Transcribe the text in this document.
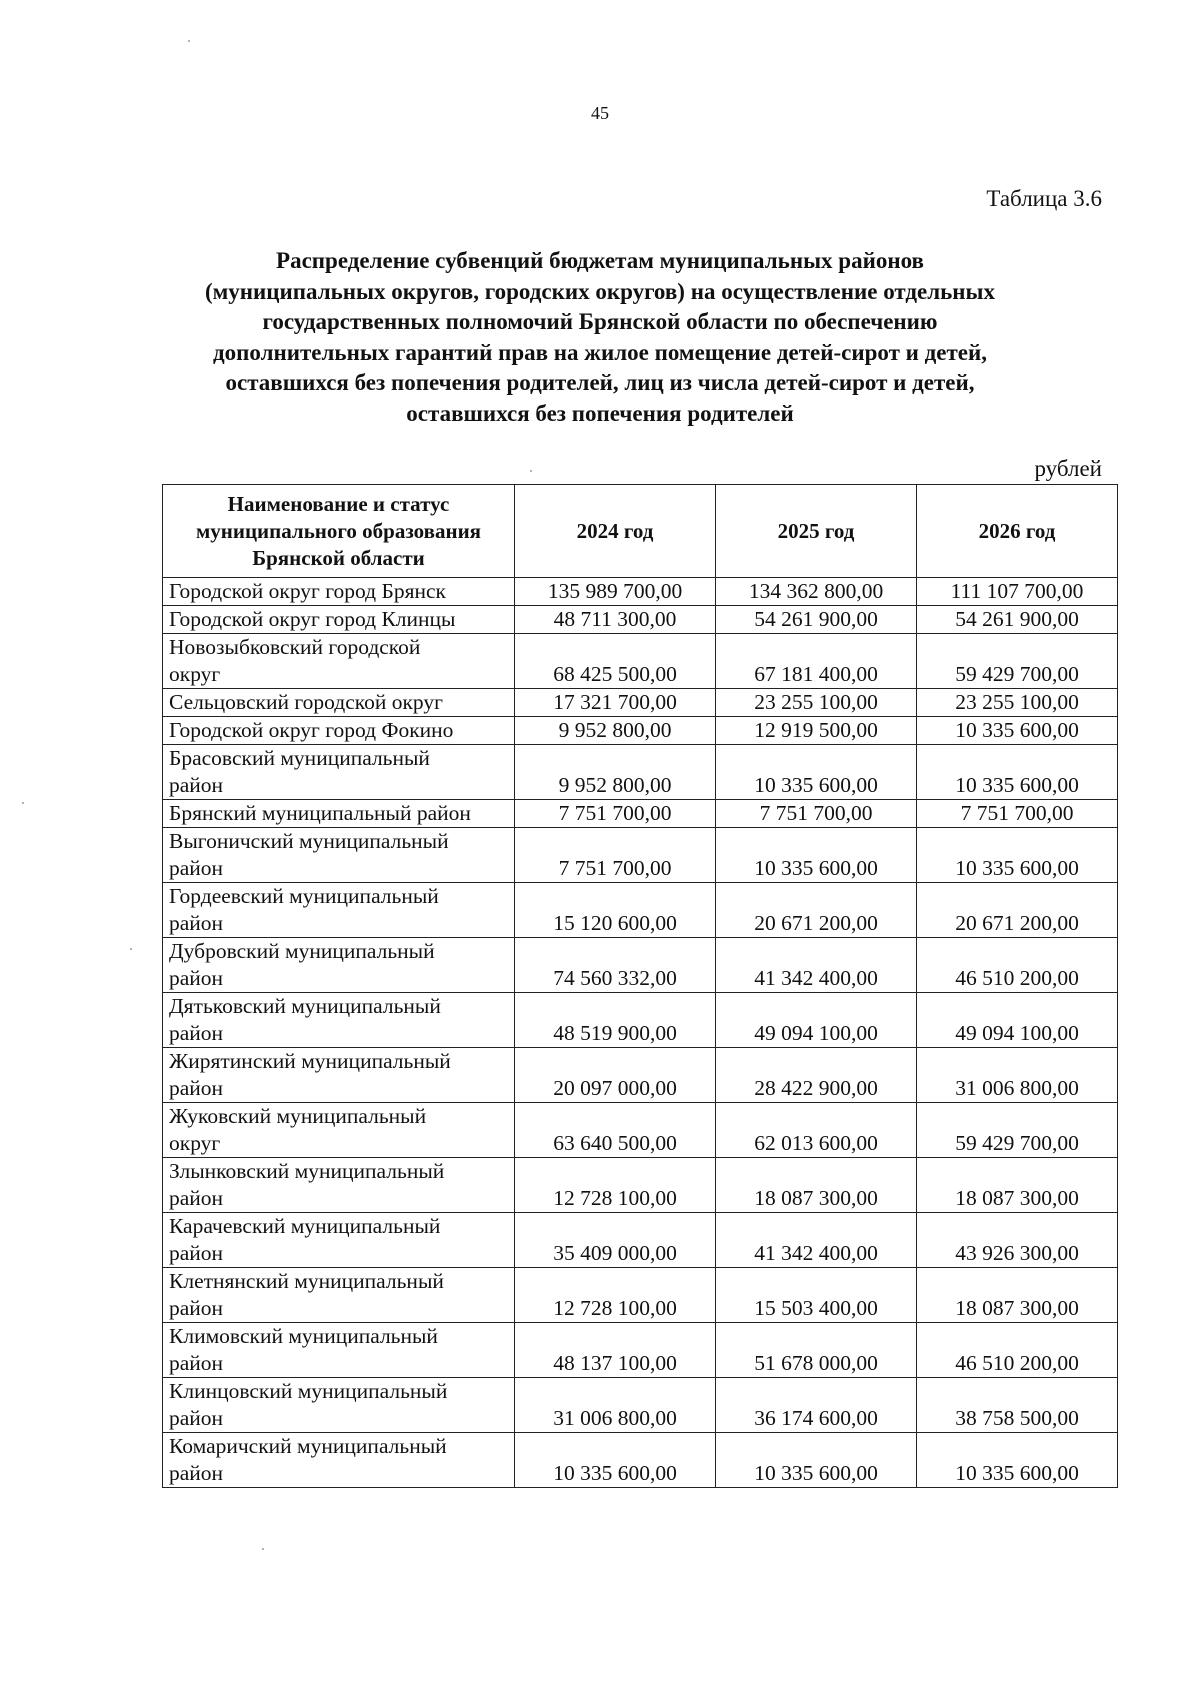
45
Таблица 3.6
Распределение субвенций бюджетам муниципальных районов
(муниципальных округов, городских округов) на осуществление отдельных
государственных полномочий Брянской области по обеспечению
дополнительных гарантий прав на жилое помещение детей-сирот и детей,
оставшихся без попечения родителей, лиц из числа детей-сирот и детей,
оставшихся без попечения родителей
рублей
Наименование и статус
муниципального образования
Брянской области	2024 год	2025 год	2026 год

Городской округ город Брянск	135 989 700,00	134 362 800,00	111 107 700,00

Городской округ город Клинцы	48 711 300,00	54 261 900,00	54 261 900,00

Новозыбковский городской
округ	68 425 500,00	67 181 400,00	59 429 700,00

Сельцовский городской округ	17 321 700,00	23 255 100,00	23 255 100,00

Городской округ город Фокино	9 952 800,00	12 919 500,00	10 335 600,00

Брасовский муниципальный
район	9 952 800,00	10 335 600,00	10 335 600,00

Брянский муниципальный район	7 751 700,00	7 751 700,00	7 751 700,00

Выгоничский муниципальный
район	7 751 700,00	10 335 600,00	10 335 600,00

Гордеевский муниципальный
район	15 120 600,00	20 671 200,00	20 671 200,00

Дубровский муниципальный
район	74 560 332,00	41 342 400,00	46 510 200,00

Дятьковский муниципальный
район	48 519 900,00	49 094 100,00	49 094 100,00

Жирятинский муниципальный
район	20 097 000,00	28 422 900,00	31 006 800,00

Жуковский муниципальный
округ	63 640 500,00	62 013 600,00	59 429 700,00

Злынковский муниципальный
район	12 728 100,00	18 087 300,00	18 087 300,00

Карачевский муниципальный
район	35 409 000,00	41 342 400,00	43 926 300,00

Клетнянский муниципальный
район	12 728 100,00	15 503 400,00	18 087 300,00

Климовский муниципальный
район	48 137 100,00	51 678 000,00	46 510 200,00

Клинцовский муниципальный
район	31 006 800,00	36 174 600,00	38 758 500,00

Комаричский муниципальный
район	10 335 600,00	10 335 600,00	10 335 600,00
